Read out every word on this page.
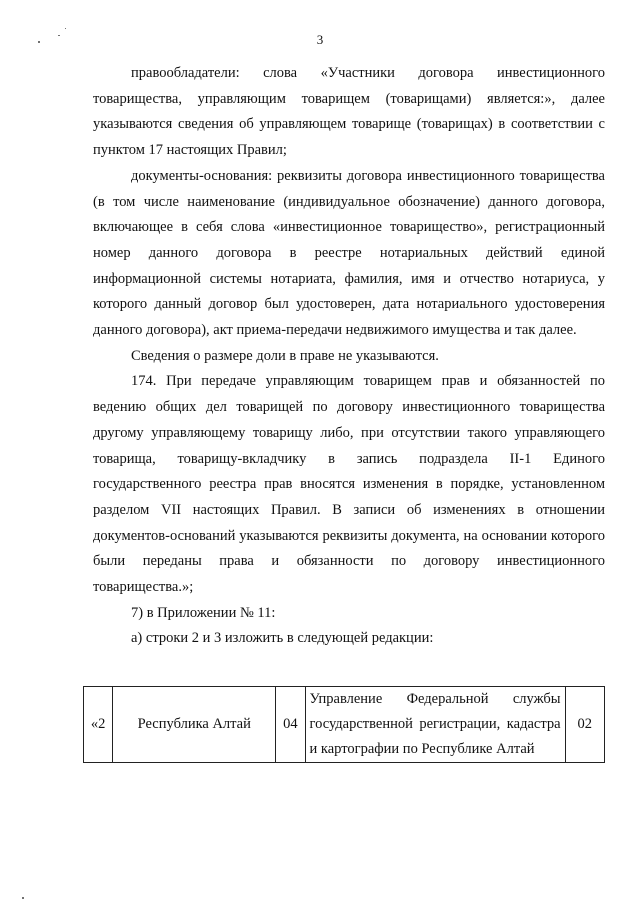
3

правообладатели: слова «Участники договора инвестиционного товарищества, управляющим товарищем (товарищами) является:», далее указываются сведения об управляющем товарище (товарищах) в соответствии с пунктом 17 настоящих Правил;

документы-основания: реквизиты договора инвестиционного товарищества (в том числе наименование (индивидуальное обозначение) данного договора, включающее в себя слова «инвестиционное товарищество», регистрационный номер данного договора в реестре нотариальных действий единой информационной системы нотариата, фамилия, имя и отчество нотариуса, у которого данный договор был удостоверен, дата нотариального удостоверения данного договора), акт приема-передачи недвижимого имущества и так далее.

Сведения о размере доли в праве не указываются.

174. При передаче управляющим товарищем прав и обязанностей по ведению общих дел товарищей по договору инвестиционного товарищества другому управляющему товарищу либо, при отсутствии такого управляющего товарища, товарищу-вкладчику в запись подраздела II-1 Единого государственного реестра прав вносятся изменения в порядке, установленном разделом VII настоящих Правил. В записи об изменениях в отношении документов-оснований указываются реквизиты документа, на основании которого были переданы права и обязанности по договору инвестиционного товарищества.»;

7) в Приложении № 11:

а) строки 2 и 3 изложить в следующей редакции:

«2	Республика Алтай	04	Управление Федеральной службы государственной регистрации, кадастра и картографии по Республике Алтай	02
